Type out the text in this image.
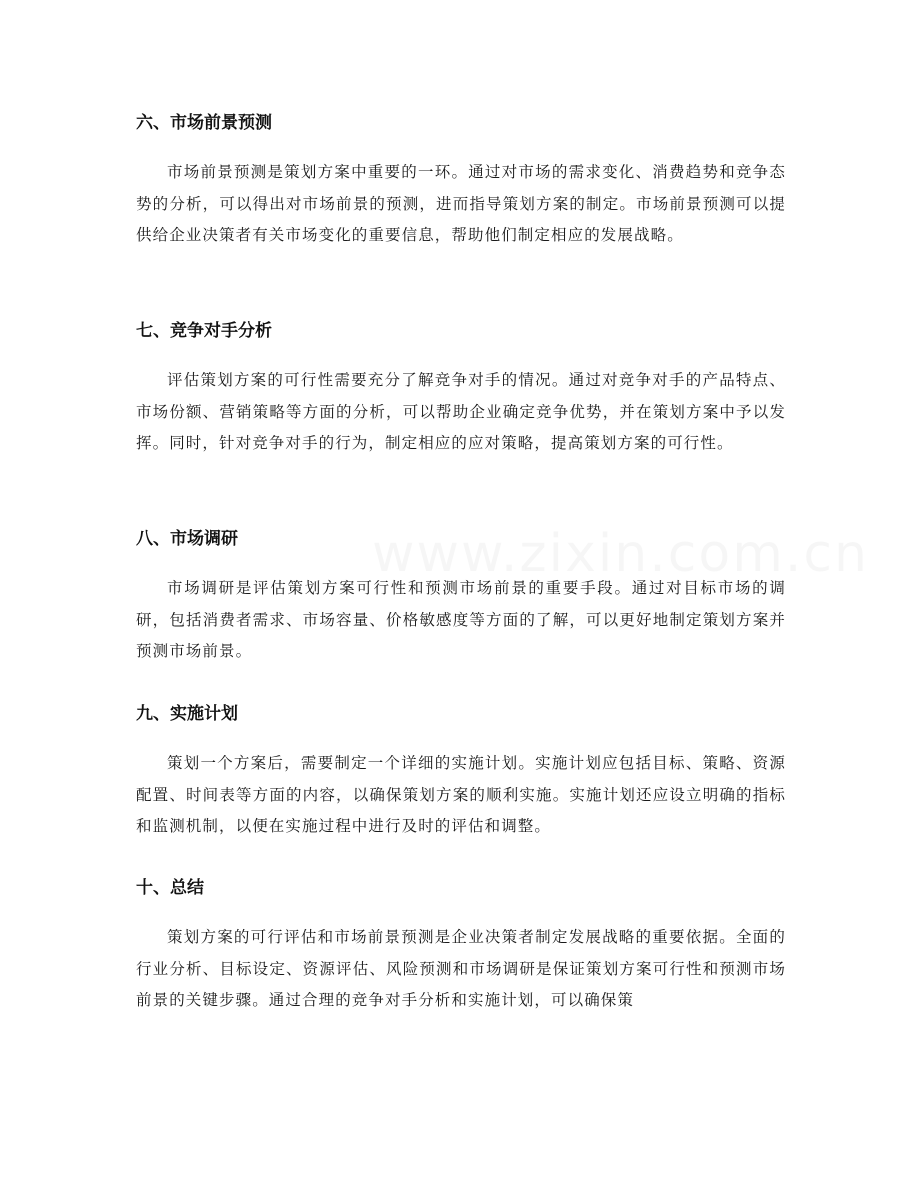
六、市场前景预测

市场前景预测是策划方案中重要的一环。通过对市场的需求变化、消费趋势和竞争态势的分析，可以得出对市场前景的预测，进而指导策划方案的制定。市场前景预测可以提供给企业决策者有关市场变化的重要信息，帮助他们制定相应的发展战略。

七、竞争对手分析

评估策划方案的可行性需要充分了解竞争对手的情况。通过对竞争对手的产品特点、市场份额、营销策略等方面的分析，可以帮助企业确定竞争优势，并在策划方案中予以发挥。同时，针对竞争对手的行为，制定相应的应对策略，提高策划方案的可行性。

八、市场调研

市场调研是评估策划方案可行性和预测市场前景的重要手段。通过对目标市场的调研，包括消费者需求、市场容量、价格敏感度等方面的了解，可以更好地制定策划方案并预测市场前景。

九、实施计划

策划一个方案后，需要制定一个详细的实施计划。实施计划应包括目标、策略、资源配置、时间表等方面的内容，以确保策划方案的顺利实施。实施计划还应设立明确的指标和监测机制，以便在实施过程中进行及时的评估和调整。

十、总结

策划方案的可行评估和市场前景预测是企业决策者制定发展战略的重要依据。全面的行业分析、目标设定、资源评估、风险预测和市场调研是保证策划方案可行性和预测市场前景的关键步骤。通过合理的竞争对手分析和实施计划，可以确保策
